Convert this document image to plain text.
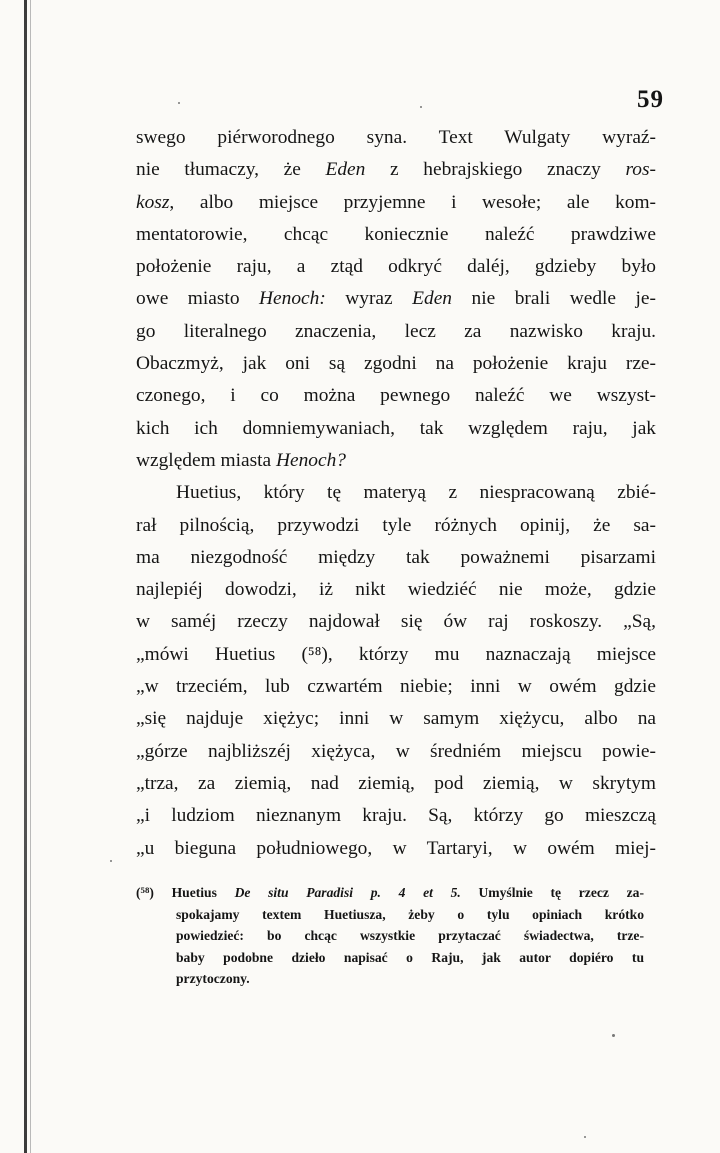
59
swego piérworodnego syna. Text Wulgaty wyraź-
nie tłumaczy, że Eden z hebrajskiego znaczy ros-
kosz, albo miejsce przyjemne i wesołe; ale kom-
mentatorowie, chcąc koniecznie naleźć prawdziwe
położenie raju, a ztąd odkryć daléj, gdzieby było
owe miasto Henoch: wyraz Eden nie brali wedle je-
go literalnego znaczenia, lecz za nazwisko kraju.
Obaczmyż, jak oni są zgodni na położenie kraju rze-
czonego, i co można pewnego naleźć we wszyst-
kich ich domniemywaniach, tak względem raju, jak
względem miasta Henoch?
Huetius, który tę materyą z niespracowaną zbié-
rał pilnością, przywodzi tyle różnych opinij, że sa-
ma niezgodność między tak poważnemi pisarzami
najlepiéj dowodzi, iż nikt wiedziéć nie może, gdzie
w saméj rzeczy najdował się ów raj roskoszy. „Są,
„mówi Huetius (⁵⁸), którzy mu naznaczają miejsce
„w trzeciém, lub czwartém niebie; inni w owém gdzie
„się najduje xiężyc; inni w samym xiężycu, albo na
„górze najbliższéj xiężyca, w średniém miejscu powie-
„trza, za ziemią, nad ziemią, pod ziemią, w skrytym
„i ludziom nieznanym kraju. Są, którzy go mieszczą
„u bieguna południowego, w Tartaryi, w owém miej-
($^{58}$) Huetius De situ Paradisi p. 4 et 5. Umyślnie tę rzecz za-
spokajamy textem Huetiusza, żeby o tylu opiniach krótko
powiedzieć: bo chcąc wszystkie przytaczać świadectwa, trze-
baby podobne dzieło napisać o Raju, jak autor dopiéro tu
przytoczony.
